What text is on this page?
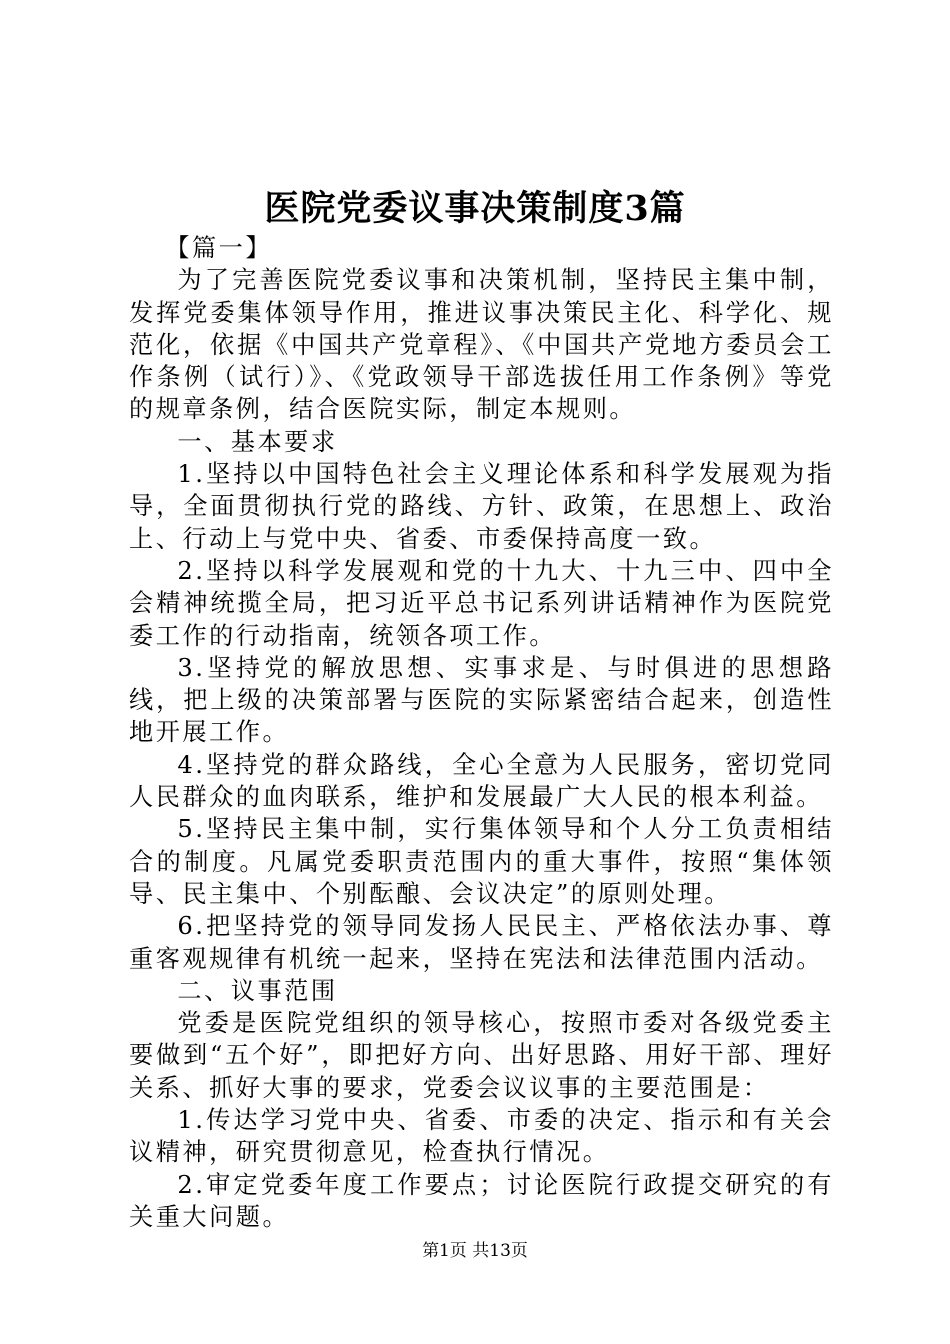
医院党委议事决策制度3篇

【篇一】

为了完善医院党委议事和决策机制，坚持民主集中制，发挥党委集体领导作用，推进议事决策民主化、科学化、规范化，依据《中国共产党章程》、《中国共产党地方委员会工作条例（试行）》、《党政领导干部选拔任用工作条例》等党的规章条例，结合医院实际，制定本规则。

一、基本要求

1.坚持以中国特色社会主义理论体系和科学发展观为指导，全面贯彻执行党的路线、方针、政策，在思想上、政治上、行动上与党中央、省委、市委保持高度一致。

2.坚持以科学发展观和党的十九大、十九三中、四中全会精神统揽全局，把习近平总书记系列讲话精神作为医院党委工作的行动指南，统领各项工作。

3.坚持党的解放思想、实事求是、与时俱进的思想路线，把上级的决策部署与医院的实际紧密结合起来，创造性地开展工作。

4.坚持党的群众路线，全心全意为人民服务，密切党同人民群众的血肉联系，维护和发展最广大人民的根本利益。

5.坚持民主集中制，实行集体领导和个人分工负责相结合的制度。凡属党委职责范围内的重大事件，按照“集体领导、民主集中、个别酝酿、会议决定”的原则处理。

6.把坚持党的领导同发扬人民民主、严格依法办事、尊重客观规律有机统一起来，坚持在宪法和法律范围内活动。

二、议事范围

党委是医院党组织的领导核心，按照市委对各级党委主要做到“五个好”，即把好方向、出好思路、用好干部、理好关系、抓好大事的要求，党委会议议事的主要范围是：

1.传达学习党中央、省委、市委的决定、指示和有关会议精神，研究贯彻意见，检查执行情况。

2.审定党委年度工作要点；讨论医院行政提交研究的有关重大问题。

第1页 共13页
